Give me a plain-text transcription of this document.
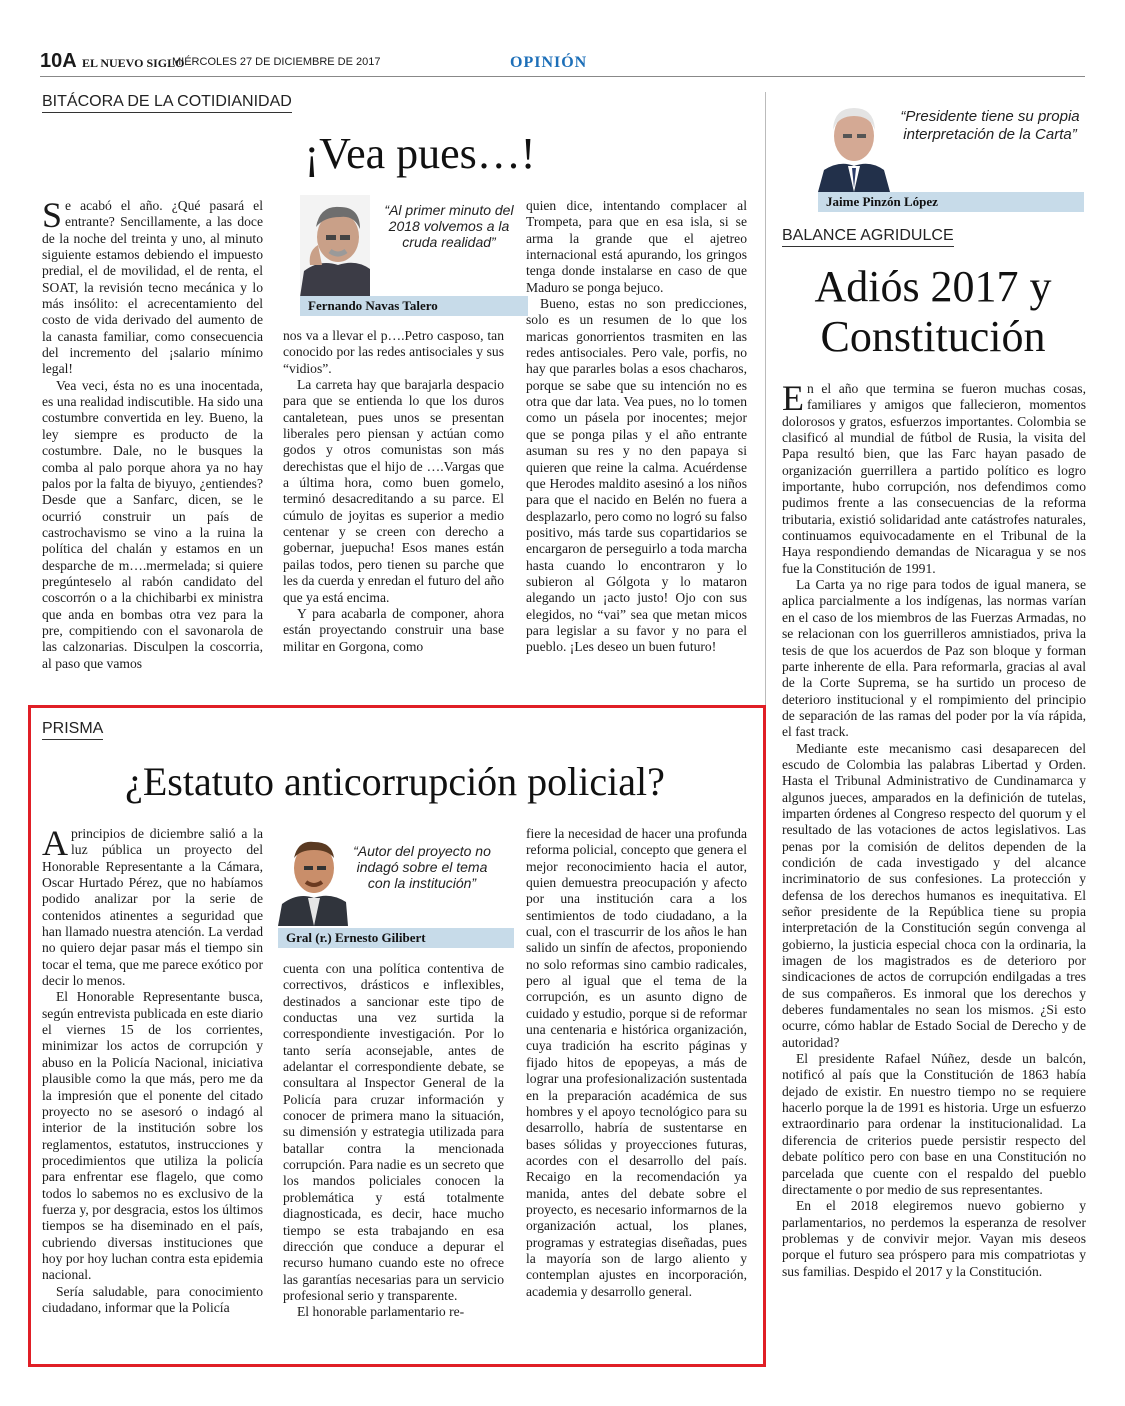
10A EL NUEVO SIGLO
MIÉRCOLES 27 DE DICIEMBRE DE 2017	OPINIÓN
BITÁCORA DE LA COTIDIANIDAD
¡Vea pues…!
“Al primer minuto del 2018 volvemos a la cruda realidad”
Fernando Navas Talero

Se acabó el año. ¿Qué pasará el entrante? Sencillamente, a las doce de la noche del treinta y uno, al minuto siguiente estamos debiendo el impuesto predial, el de movilidad, el de renta, el SOAT, la revisión tecno mecánica y lo más insólito: el acrecentamiento del costo de vida derivado del aumento de la canasta familiar, como consecuencia del incremento del ¡salario mínimo legal!

Vea veci, ésta no es una inocentada, es una realidad indiscutible. Ha sido una costumbre convertida en ley. Bueno, la ley siempre es producto de la costumbre. Dale, no le busques la comba al palo porque ahora ya no hay palos por la falta de biyuyo, ¿entiendes? Desde que a Sanfarc, dicen, se le ocurrió construir un país de castrochavismo se vino a la ruina la política del chalán y estamos en un desparche de m….mermelada; si quiere pregúnteselo al rabón candidato del coscorrón o a la chichibarbi ex ministra que anda en bombas otra vez para la pre, compitiendo con el savonarola de las calzonarias. Disculpen la coscorria, al paso que vamos

nos va a llevar el p….Petro casposo, tan conocido por las redes antisociales y sus “vidios”.

La carreta hay que barajarla despacio para que se entienda lo que los duros cantaletean, pues unos se presentan liberales pero piensan y actúan como godos y otros comunistas son más derechistas que el hijo de ….Vargas que a última hora, como buen gomelo, terminó desacreditando a su parce. El cúmulo de joyitas es superior a medio centenar y se creen con derecho a gobernar, juepucha! Esos manes están pailas todos, pero tienen su parche que les da cuerda y enredan el futuro del año que ya está encima.

Y para acabarla de componer, ahora están proyectando construir una base militar en Gorgona, como

quien dice, intentando complacer al Trompeta, para que en esa isla, si se arma la grande que el ajetreo internacional está apurando, los gringos tenga donde instalarse en caso de que Maduro se ponga bejuco.

Bueno, estas no son predicciones, solo es un resumen de lo que los maricas gonorrientos trasmiten en las redes antisociales. Pero vale, porfis, no hay que pararles bolas a esos chacharos, porque se sabe que su intención no es otra que dar lata. Vea pues, no lo tomen como un pásela por inocentes; mejor que se ponga pilas y el año entrante asuman su res y no den papaya si quieren que reine la calma. Acuérdense que Herodes maldito asesinó a los niños para que el nacido en Belén no fuera a desplazarlo, pero como no logró su falso positivo, más tarde sus copartidarios se encargaron de perseguirlo a toda marcha hasta cuando lo encontraron y lo subieron al Gólgota y lo mataron alegando un ¡acto justo! Ojo con sus elegidos, no “vai” sea que metan micos para legislar a su favor y no para el pueblo. ¡Les deseo un buen futuro!

“Presidente tiene su propia interpretación de la Carta”
Jaime Pinzón López
BALANCE AGRIDULCE
Adiós 2017 y
Constitución

En el año que termina se fueron muchas cosas, familiares y amigos que fallecieron, momentos dolorosos y gratos, esfuerzos importantes. Colombia se clasificó al mundial de fútbol de Rusia, la visita del Papa resultó bien, que las Farc hayan pasado de organización guerrillera a partido político es logro importante, hubo corrupción, nos defendimos como pudimos frente a las consecuencias de la reforma tributaria, existió solidaridad ante catástrofes naturales, continuamos equivocadamente en el Tribunal de la Haya respondiendo demandas de Nicaragua y se nos fue la Constitución de 1991.

La Carta ya no rige para todos de igual manera, se aplica parcialmente a los indígenas, las normas varían en el caso de los miembros de las Fuerzas Armadas, no se relacionan con los guerrilleros amnistiados, priva la tesis de que los acuerdos de Paz son bloque y forman parte inherente de ella. Para reformarla, gracias al aval de la Corte Suprema, se ha surtido un proceso de deterioro institucional y el rompimiento del principio de separación de las ramas del poder por la vía rápida, el fast track.

Mediante este mecanismo casi desaparecen del escudo de Colombia las palabras Libertad y Orden. Hasta el Tribunal Administrativo de Cundinamarca y algunos jueces, amparados en la definición de tutelas, imparten órdenes al Congreso respecto del quorum y el resultado de las votaciones de actos legislativos. Las penas por la comisión de delitos dependen de la condición de cada investigado y del alcance incriminatorio de sus confesiones. La protección y defensa de los derechos humanos es inequitativa. El señor presidente de la República tiene su propia interpretación de la Constitución según convenga al gobierno, la justicia especial choca con la ordinaria, la imagen de los magistrados es de deterioro por sindicaciones de actos de corrupción endilgadas a tres de sus compañeros. Es inmoral que los derechos y deberes fundamentales no sean los mismos. ¿Si esto ocurre, cómo hablar de Estado Social de Derecho y de autoridad?

El presidente Rafael Núñez, desde un balcón, notificó al país que la Constitución de 1863 había dejado de existir. En nuestro tiempo no se requiere hacerlo porque la de 1991 es historia. Urge un esfuerzo extraordinario para ordenar la institucionalidad. La diferencia de criterios puede persistir respecto del debate político pero con base en una Constitución no parcelada que cuente con el respaldo del pueblo directamente o por medio de sus representantes.

En el 2018 elegiremos nuevo gobierno y parlamentarios, no perdemos la esperanza de resolver problemas y de convivir mejor. Vayan mis deseos porque el futuro sea próspero para mis compatriotas y sus familias. Despido el 2017 y la Constitución.

PRISMA
¿Estatuto anticorrupción policial?
“Autor del proyecto no indagó sobre el tema con la institución”
Gral (r.) Ernesto Gilibert

Aprincipios de diciembre salió a la luz pública un proyecto del Honorable Representante a la Cámara, Oscar Hurtado Pérez, que no habíamos podido analizar por la serie de contenidos atinentes a seguridad que han llamado nuestra atención. La verdad no quiero dejar pasar más el tiempo sin tocar el tema, que me parece exótico por decir lo menos.

El Honorable Representante busca, según entrevista publicada en este diario el viernes 15 de los corrientes, minimizar los actos de corrupción y abuso en la Policía Nacional, iniciativa plausible como la que más, pero me da la impresión que el ponente del citado proyecto no se asesoró o indagó al interior de la institución sobre los reglamentos, estatutos, instrucciones y procedimientos que utiliza la policía para enfrentar ese flagelo, que como todos lo sabemos no es exclusivo de la fuerza y, por desgracia, estos los últimos tiempos se ha diseminado en el país, cubriendo diversas instituciones que hoy por hoy luchan contra esta epidemia nacional.

Sería saludable, para conocimiento ciudadano, informar que la Policía

cuenta con una política contentiva de correctivos, drásticos e inflexibles, destinados a sancionar este tipo de conductas una vez surtida la correspondiente investigación. Por lo tanto sería aconsejable, antes de adelantar el correspondiente debate, se consultara al Inspector General de la Policía para cruzar información y conocer de primera mano la situación, su dimensión y estrategia utilizada para batallar contra la mencionada corrupción. Para nadie es un secreto que los mandos policiales conocen la problemática y está totalmente diagnosticada, es decir, hace mucho tiempo se esta trabajando en esa dirección que conduce a depurar el recurso humano cuando este no ofrece las garantías necesarias para un servicio profesional serio y transparente.

El honorable parlamentario re-

fiere la necesidad de hacer una profunda reforma policial, concepto que genera el mejor reconocimiento hacia el autor, quien demuestra preocupación y afecto por una institución cara a los sentimientos de todo ciudadano, a la cual, con el trascurrir de los años le han salido un sinfín de afectos, proponiendo no solo reformas sino cambio radicales, pero al igual que el tema de la corrupción, es un asunto digno de cuidado y estudio, porque si de reformar una centenaria e histórica organización, cuya tradición ha escrito páginas y fijado hitos de epopeyas, a más de lograr una profesionalización sustentada en la preparación académica de sus hombres y el apoyo tecnológico para su desarrollo, habría de sustentarse en bases sólidas y proyecciones futuras, acordes con el desarrollo del país. Recaigo en la recomendación ya manida, antes del debate sobre el proyecto, es necesario informarnos de la organización actual, los planes, programas y estrategias diseñadas, pues la mayoría son de largo aliento y contemplan ajustes en incorporación, academia y desarrollo general.
